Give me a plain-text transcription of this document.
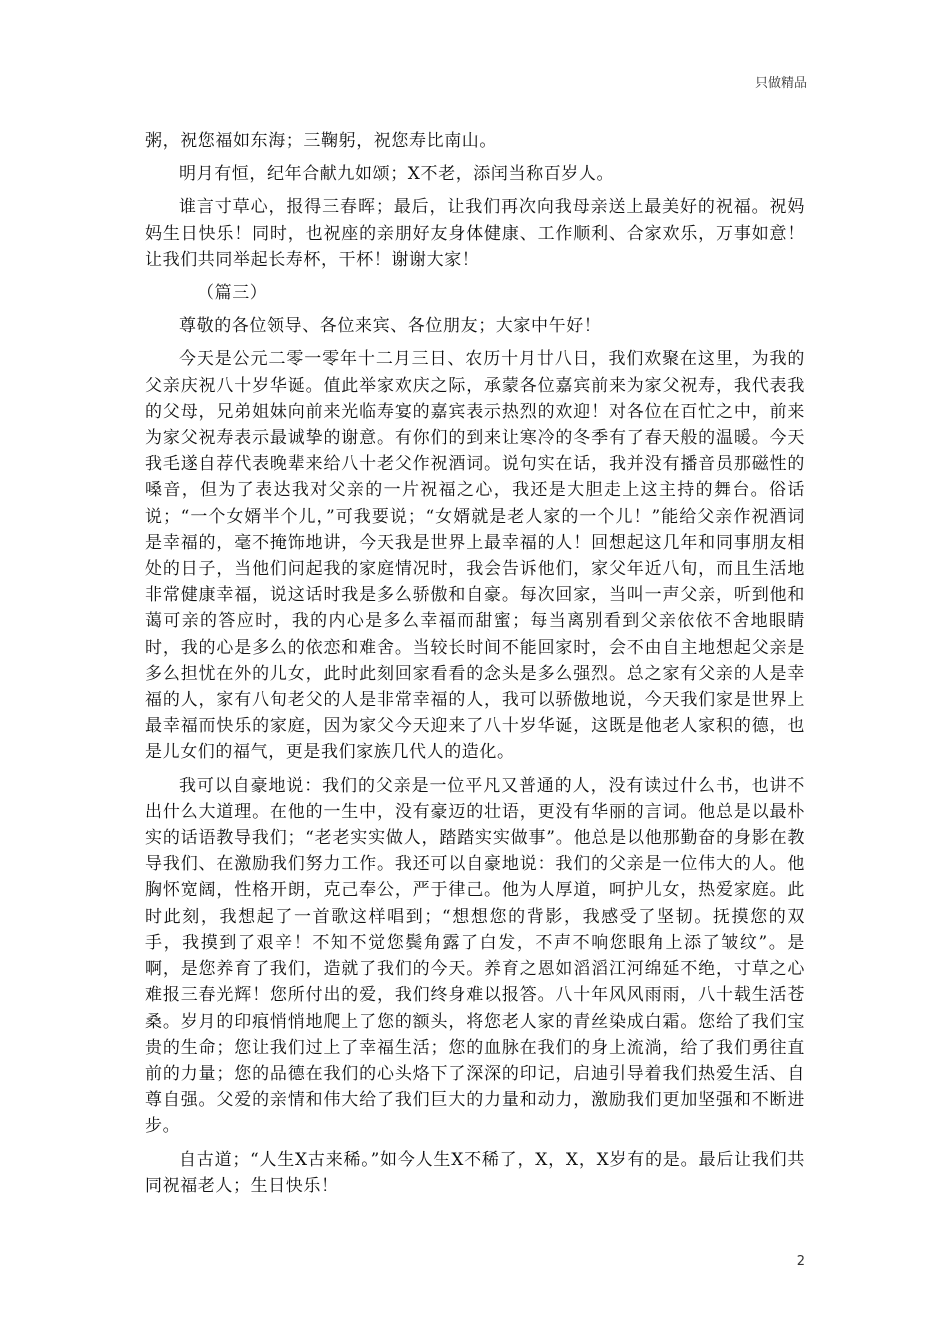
只做精品

粥，祝您福如东海；三鞠躬，祝您寿比南山。

明月有恒，纪年合献九如颂；X不老，添闰当称百岁人。

谁言寸草心，报得三春晖；最后，让我们再次向我母亲送上最美好的祝福。祝妈妈生日快乐！同时，也祝座的亲朋好友身体健康、工作顺利、合家欢乐，万事如意！让我们共同举起长寿杯，干杯！谢谢大家！

（篇三）

尊敬的各位领导、各位来宾、各位朋友；大家中午好！

今天是公元二零一零年十二月三日、农历十月廿八日，我们欢聚在这里，为我的父亲庆祝八十岁华诞。值此举家欢庆之际，承蒙各位嘉宾前来为家父祝寿，我代表我的父母，兄弟姐妹向前来光临寿宴的嘉宾表示热烈的欢迎！对各位在百忙之中，前来为家父祝寿表示最诚挚的谢意。有你们的到来让寒冷的冬季有了春天般的温暖。今天我毛遂自荐代表晚辈来给八十老父作祝酒词。说句实在话，我并没有播音员那磁性的嗓音，但为了表达我对父亲的一片祝福之心，我还是大胆走上这主持的舞台。俗话说；“一个女婿半个儿，”可我要说；“女婿就是老人家的一个儿！”能给父亲作祝酒词是幸福的，毫不掩饰地讲，今天我是世界上最幸福的人！回想起这几年和同事朋友相处的日子，当他们问起我的家庭情况时，我会告诉他们，家父年近八旬，而且生活地非常健康幸福，说这话时我是多么骄傲和自豪。每次回家，当叫一声父亲，听到他和蔼可亲的答应时，我的内心是多么幸福而甜蜜；每当离别看到父亲依依不舍地眼睛时，我的心是多么的依恋和难舍。当较长时间不能回家时，会不由自主地想起父亲是多么担忧在外的儿女，此时此刻回家看看的念头是多么强烈。总之家有父亲的人是幸福的人，家有八旬老父的人是非常幸福的人，我可以骄傲地说，今天我们家是世界上最幸福而快乐的家庭，因为家父今天迎来了八十岁华诞，这既是他老人家积的德，也是儿女们的福气，更是我们家族几代人的造化。

我可以自豪地说：我们的父亲是一位平凡又普通的人，没有读过什么书，也讲不出什么大道理。在他的一生中，没有豪迈的壮语，更没有华丽的言词。他总是以最朴实的话语教导我们；“老老实实做人，踏踏实实做事”。他总是以他那勤奋的身影在教导我们、在激励我们努力工作。我还可以自豪地说：我们的父亲是一位伟大的人。他胸怀宽阔，性格开朗，克己奉公，严于律己。他为人厚道，呵护儿女，热爱家庭。此时此刻，我想起了一首歌这样唱到；“想想您的背影，我感受了坚韧。抚摸您的双手，我摸到了艰辛！不知不觉您鬓角露了白发，不声不响您眼角上添了皱纹”。是啊，是您养育了我们，造就了我们的今天。养育之恩如滔滔江河绵延不绝，寸草之心难报三春光辉！您所付出的爱，我们终身难以报答。八十年风风雨雨，八十载生活苍桑。岁月的印痕悄悄地爬上了您的额头，将您老人家的青丝染成白霜。您给了我们宝贵的生命；您让我们过上了幸福生活；您的血脉在我们的身上流淌，给了我们勇往直前的力量；您的品德在我们的心头烙下了深深的印记，启迪引导着我们热爱生活、自尊自强。父爱的亲情和伟大给了我们巨大的力量和动力，激励我们更加坚强和不断进步。

自古道；“人生X古来稀。”如今人生X不稀了，X，X，X岁有的是。最后让我们共同祝福老人；生日快乐！

2
